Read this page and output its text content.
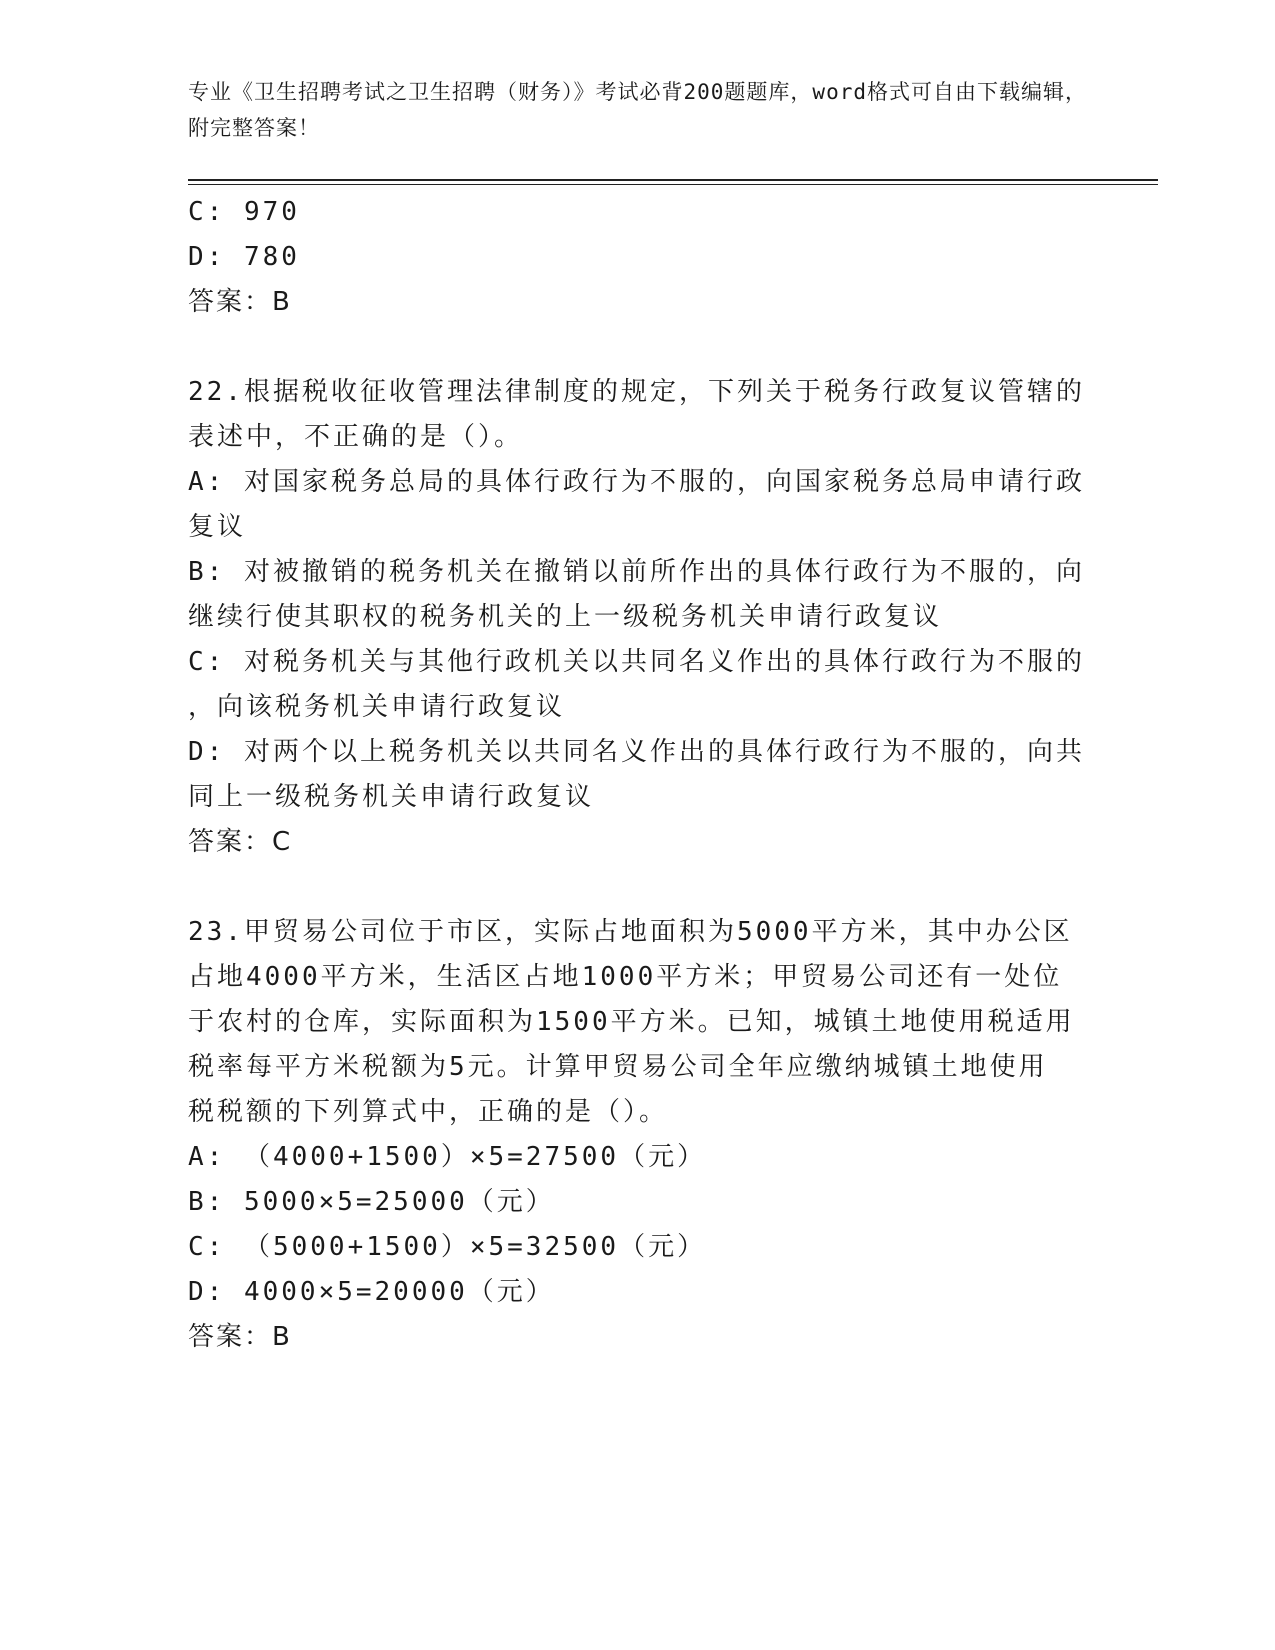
专业《卫生招聘考试之卫生招聘（财务）》考试必背200题题库，word格式可自由下载编辑，附完整答案！

C: 970

D: 780

答案：B

22.根据税收征收管理法律制度的规定，下列关于税务行政复议管辖的

表述中，不正确的是（）。

A: 对国家税务总局的具体行政行为不服的，向国家税务总局申请行政

复议

B: 对被撤销的税务机关在撤销以前所作出的具体行政行为不服的，向

继续行使其职权的税务机关的上一级税务机关申请行政复议

C: 对税务机关与其他行政机关以共同名义作出的具体行政行为不服的

，向该税务机关申请行政复议

D: 对两个以上税务机关以共同名义作出的具体行政行为不服的，向共

同上一级税务机关申请行政复议

答案：C

23.甲贸易公司位于市区，实际占地面积为5000平方米，其中办公区

占地4000平方米，生活区占地1000平方米；甲贸易公司还有一处位

于农村的仓库，实际面积为1500平方米。已知，城镇土地使用税适用

税率每平方米税额为5元。计算甲贸易公司全年应缴纳城镇土地使用

税税额的下列算式中，正确的是（）。

A: （4000+1500）×5=27500（元）

B: 5000×5=25000（元）

C: （5000+1500）×5=32500（元）

D: 4000×5=20000（元）

答案：B
